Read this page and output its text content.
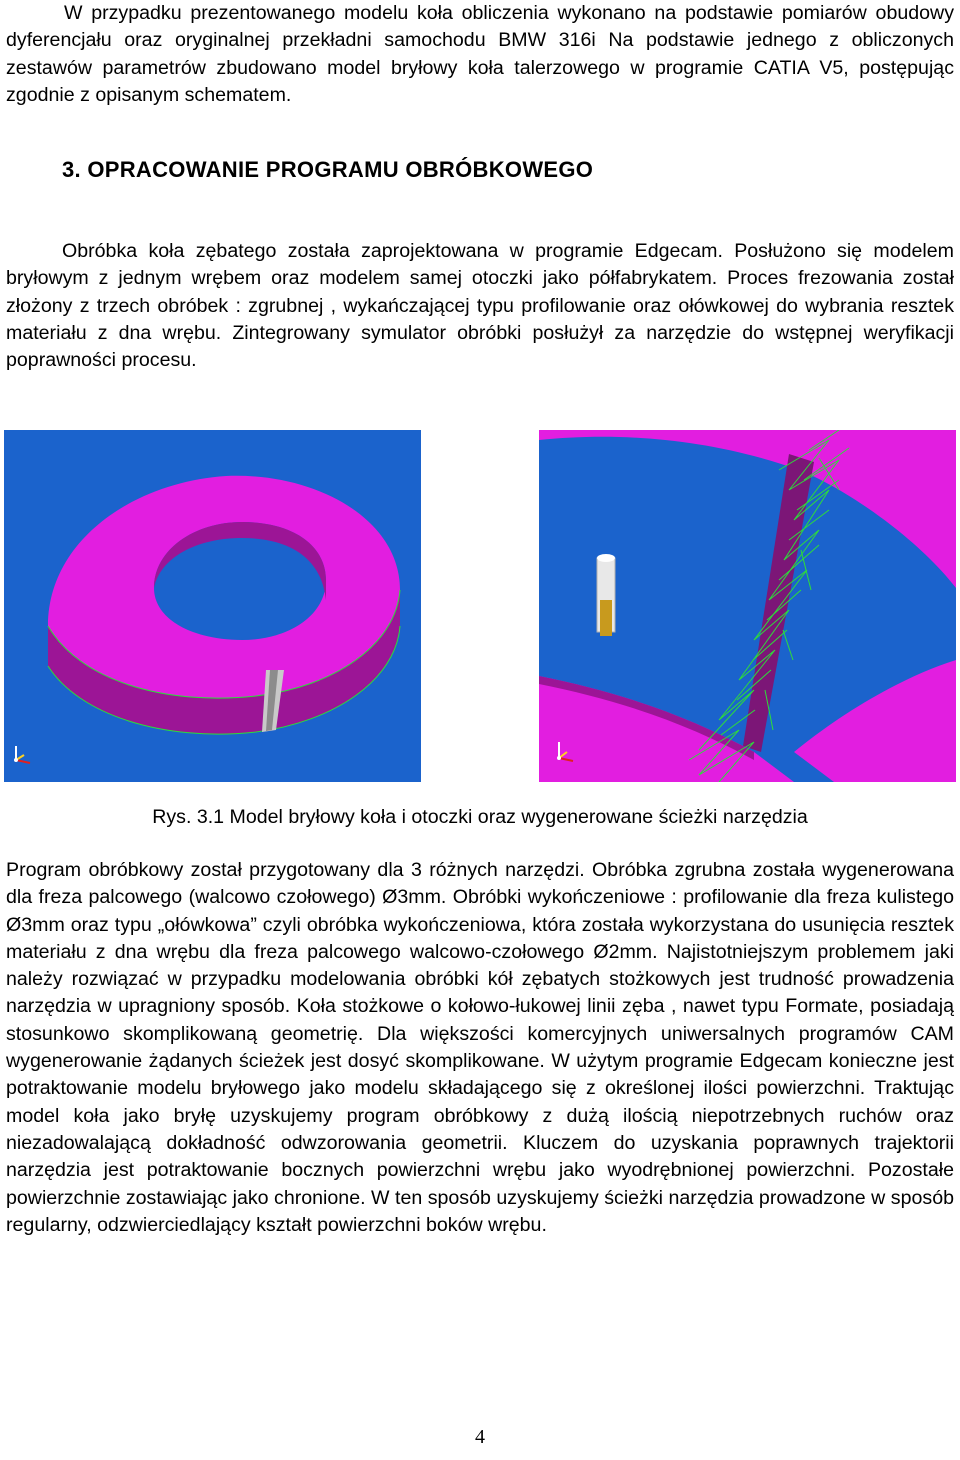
W przypadku prezentowanego modelu koła obliczenia wykonano na podstawie pomiarów obudowy dyferencjału oraz oryginalnej przekładni samochodu BMW 316i Na podstawie jednego z obliczonych zestawów parametrów zbudowano model bryłowy koła talerzowego w programie CATIA V5, postępując zgodnie z opisanym schematem.

3. OPRACOWANIE PROGRAMU OBRÓBKOWEGO

Obróbka koła zębatego została zaprojektowana w programie Edgecam. Posłużono się modelem bryłowym z jednym wrębem oraz modelem samej otoczki jako półfabrykatem. Proces frezowania został złożony z trzech obróbek : zgrubnej , wykańczającej typu profilowanie oraz ołówkowej do wybrania resztek materiału z dna wrębu. Zintegrowany symulator obróbki posłużył za narzędzie do wstępnej weryfikacji poprawności procesu.

Rys. 3.1 Model bryłowy koła i otoczki oraz wygenerowane ścieżki narzędzia

Program obróbkowy został przygotowany dla 3 różnych narzędzi. Obróbka zgrubna została wygenerowana dla freza palcowego (walcowo czołowego) Ø3mm. Obróbki wykończeniowe : profilowanie dla freza kulistego Ø3mm oraz typu „ołówkowa” czyli obróbka wykończeniowa, która została wykorzystana do usunięcia resztek materiału z dna wrębu dla freza palcowego walcowo-czołowego Ø2mm. Najistotniejszym problemem jaki należy rozwiązać w przypadku modelowania obróbki kół zębatych stożkowych jest trudność prowadzenia narzędzia w upragniony sposób. Koła stożkowe o kołowo-łukowej linii zęba , nawet typu Formate, posiadają stosunkowo skomplikowaną geometrię. Dla większości komercyjnych uniwersalnych programów CAM wygenerowanie żądanych ścieżek jest dosyć skomplikowane. W użytym programie Edgecam konieczne jest potraktowanie modelu bryłowego jako modelu składającego się z określonej ilości powierzchni. Traktując model koła jako bryłę uzyskujemy program obróbkowy z dużą ilością niepotrzebnych ruchów oraz niezadowalającą dokładność odwzorowania geometrii. Kluczem do uzyskania poprawnych trajektorii narzędzia jest potraktowanie bocznych powierzchni wrębu jako wyodrębnionej powierzchni. Pozostałe powierzchnie zostawiając jako chronione. W ten sposób uzyskujemy ścieżki narzędzia prowadzone w sposób regularny, odzwierciedlający kształt powierzchni boków wrębu.

4
